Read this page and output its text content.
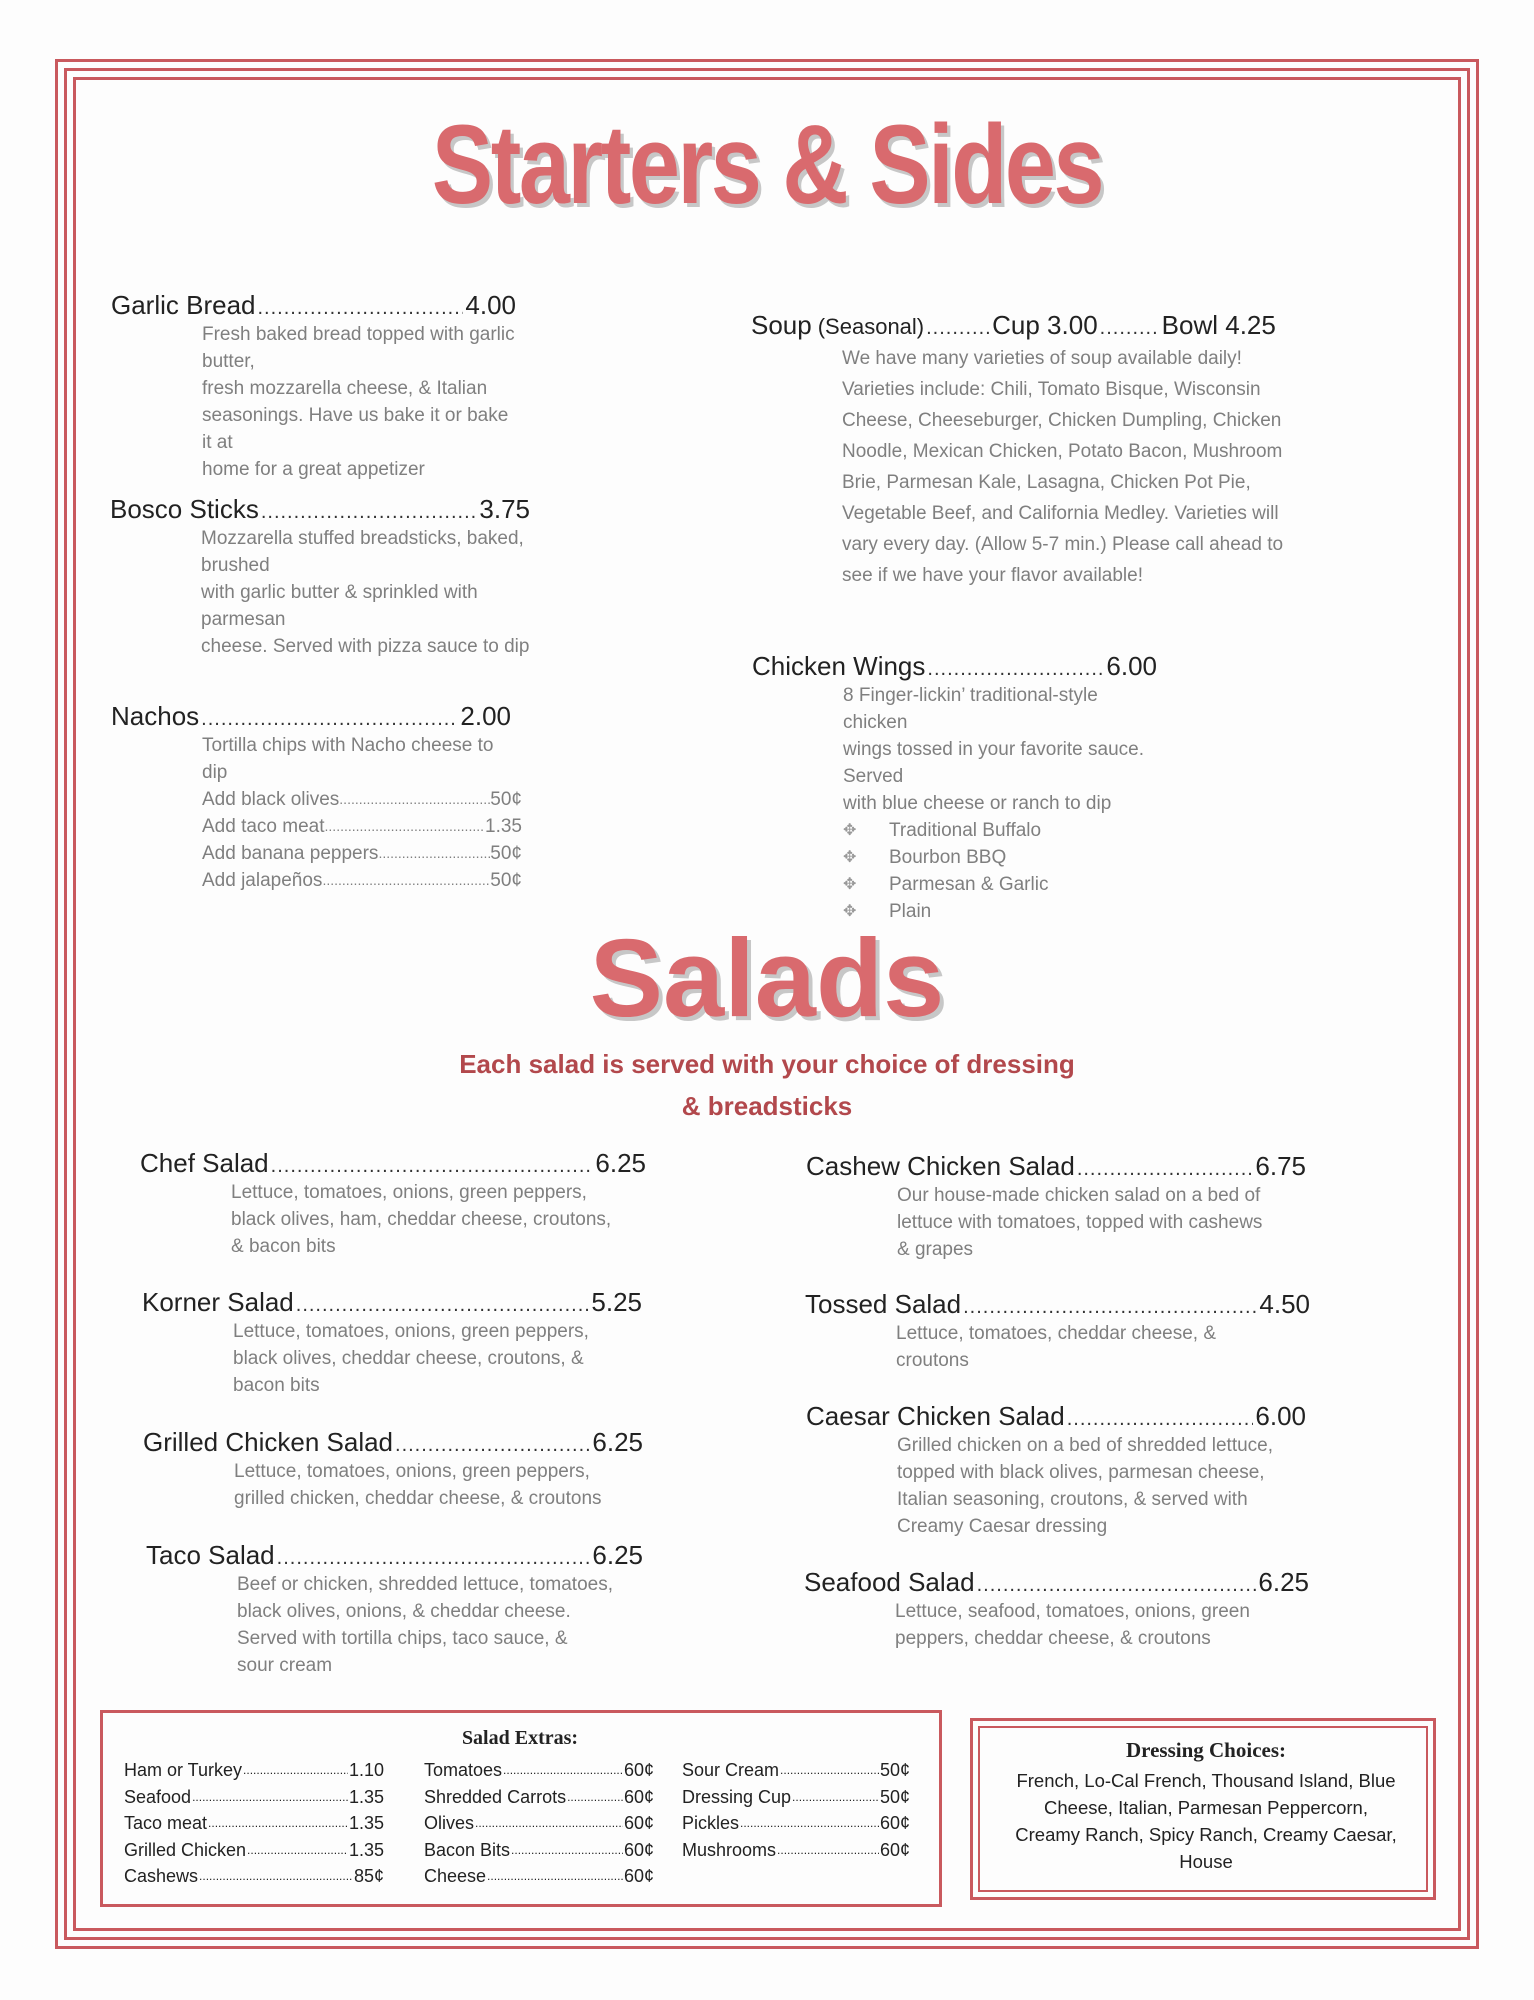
Starters & Sides
Garlic Bread .....	4.00
Fresh baked bread topped with garlic butter,
fresh mozzarella cheese, & Italian
seasonings. Have us bake it or bake it at
home for a great appetizer
Bosco Sticks .....	3.75
Mozzarella stuffed breadsticks, baked, brushed
with garlic butter & sprinkled with parmesan
cheese. Served with pizza sauce to dip
Nachos .....	2.00
Tortilla chips with Nacho cheese to dip
Add black olives .....	50¢
Add taco meat .....	1.35
Add banana peppers .....	50¢
Add jalapeños .....	50¢
Soup (Seasonal) .....	Cup 3.00 ..... Bowl 4.25
We have many varieties of soup available daily!
Varieties include: Chili, Tomato Bisque, Wisconsin
Cheese, Cheeseburger, Chicken Dumpling, Chicken
Noodle, Mexican Chicken, Potato Bacon, Mushroom
Brie, Parmesan Kale, Lasagna, Chicken Pot Pie,
Vegetable Beef, and California Medley. Varieties will
vary every day. (Allow 5-7 min.) Please call ahead to
see if we have your flavor available!
Chicken Wings .....	6.00
8 Finger-lickin’ traditional-style chicken
wings tossed in your favorite sauce. Served
with blue cheese or ranch to dip
✥	Traditional Buffalo
✥	Bourbon BBQ
✥	Parmesan & Garlic
✥	Plain
Salads
Each salad is served with your choice of dressing
& breadsticks
Chef Salad .....	6.25
Lettuce, tomatoes, onions, green peppers,
black olives, ham, cheddar cheese, croutons,
& bacon bits
Korner Salad .....	5.25
Lettuce, tomatoes, onions, green peppers,
black olives, cheddar cheese, croutons, &
bacon bits
Grilled Chicken Salad .....	6.25
Lettuce, tomatoes, onions, green peppers,
grilled chicken, cheddar cheese, & croutons
Taco Salad .....	6.25
Beef or chicken, shredded lettuce, tomatoes,
black olives, onions, & cheddar cheese.
Served with tortilla chips, taco sauce, &
sour cream
Cashew Chicken Salad .....	6.75
Our house-made chicken salad on a bed of
lettuce with tomatoes, topped with cashews
& grapes
Tossed Salad .....	4.50
Lettuce, tomatoes, cheddar cheese, &
croutons
Caesar Chicken Salad .....	6.00
Grilled chicken on a bed of shredded lettuce,
topped with black olives, parmesan cheese,
Italian seasoning, croutons, & served with
Creamy Caesar dressing
Seafood Salad .....	6.25
Lettuce, seafood, tomatoes, onions, green
peppers, cheddar cheese, & croutons
Salad Extras:
Ham or Turkey .....	1.10
Seafood .....	1.35
Taco meat .....	1.35
Grilled Chicken .....	1.35
Cashews .....	85¢
Tomatoes .....	60¢
Shredded Carrots .....	60¢
Olives .....	60¢
Bacon Bits .....	60¢
Cheese .....	60¢
Sour Cream .....	50¢
Dressing Cup .....	50¢
Pickles .....	60¢
Mushrooms .....	60¢
Dressing Choices:
French, Lo-Cal French, Thousand Island, Blue
Cheese, Italian, Parmesan Peppercorn,
Creamy Ranch, Spicy Ranch, Creamy Caesar,
House
